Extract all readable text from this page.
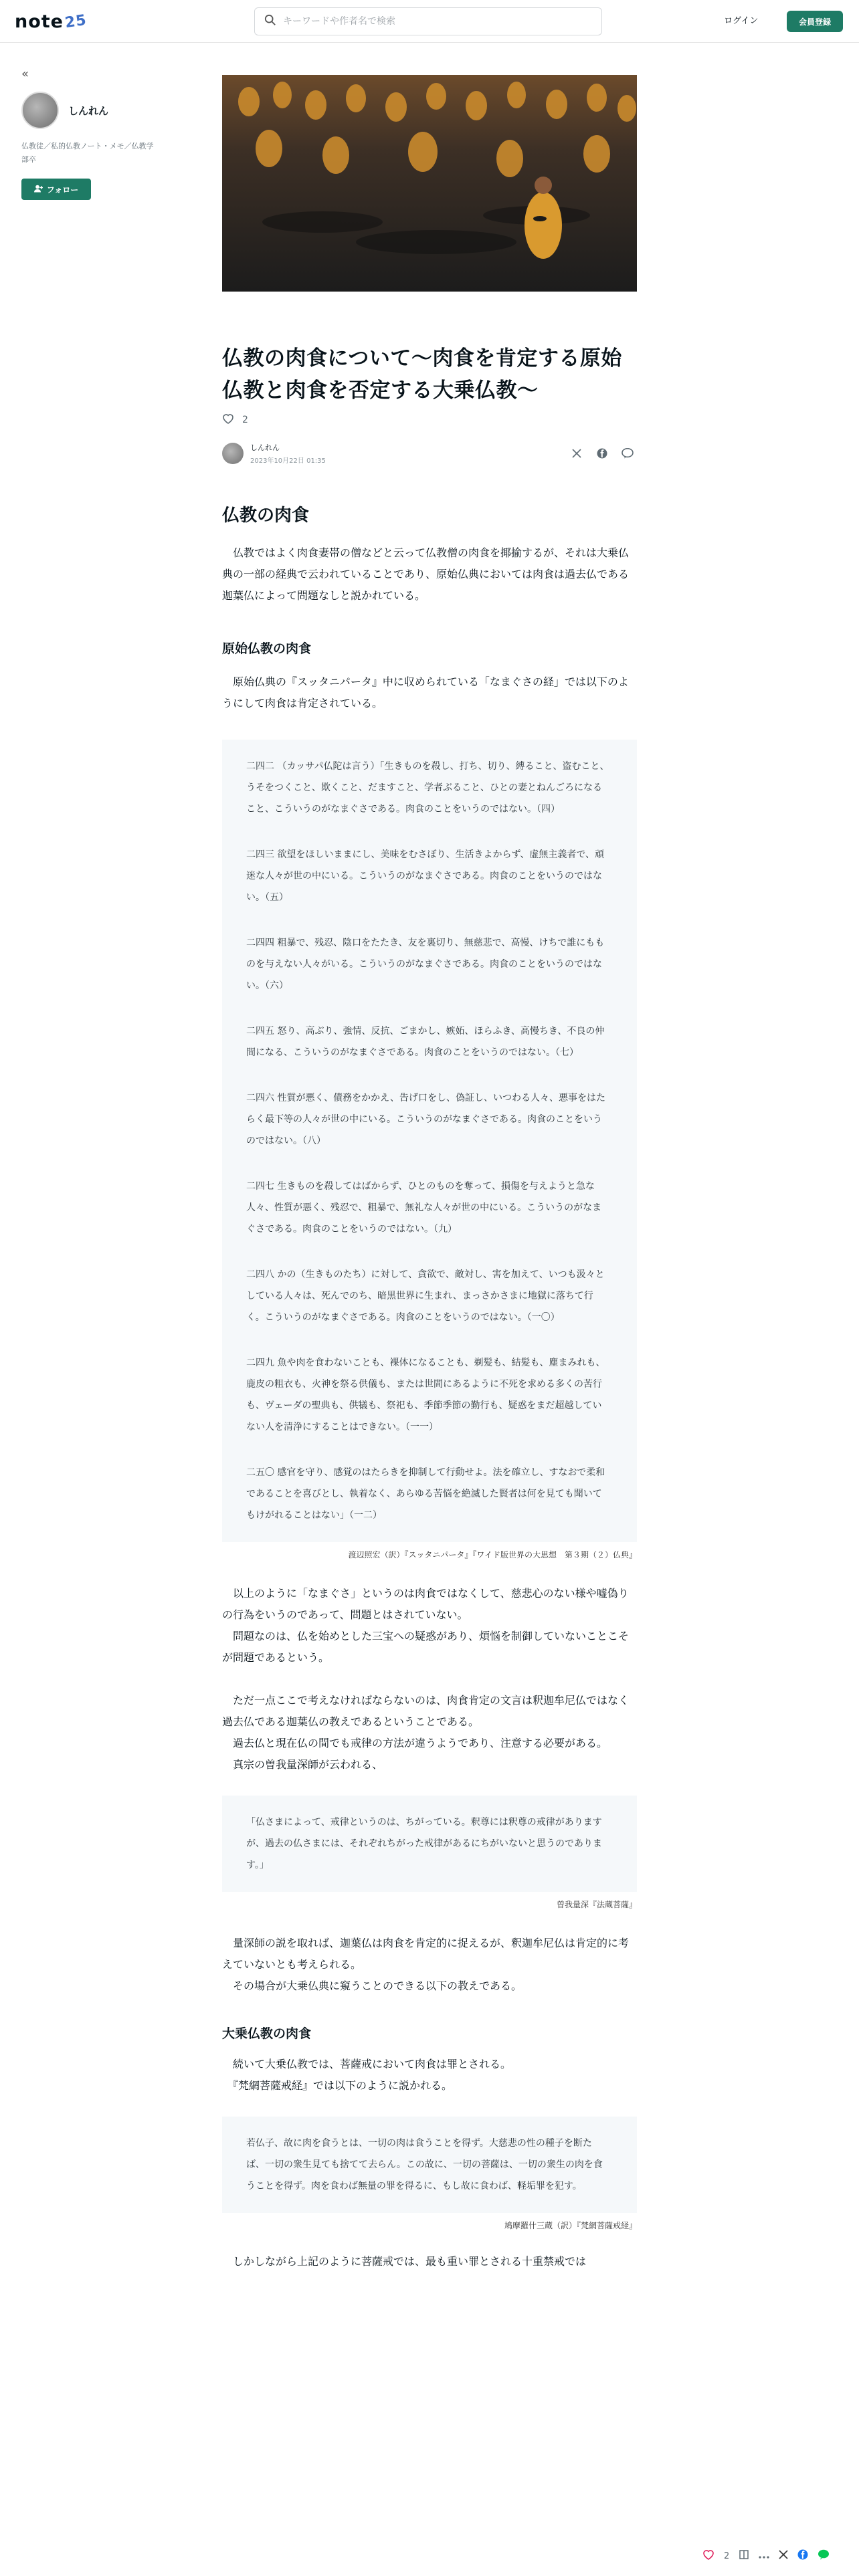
note 25
キーワードや作者名で検索	ログイン	会員登録
«
しんれん
仏教徒／私的仏教ノート・メモ／仏教学部卒
フォロー
仏教の肉食について〜肉食を肯定する原始仏教と肉食を否定する大乗仏教〜
2
しんれん
2023年10月22日 01:35
仏教の肉食

　仏教ではよく肉食妻帯の僧などと云って仏教僧の肉食を揶揄するが、それは大乗仏典の一部の経典で云われていることであり、原始仏典においては肉食は過去仏である迦葉仏によって問題なしと説かれている。

原始仏教の肉食

　原始仏典の『スッタニパータ』中に収められている「なまぐさの経」では以下のようにして肉食は肯定されている。

二四二 （カッサパ仏陀は言う）「生きものを殺し、打ち、切り、縛ること、盗むこと、うそをつくこと、欺くこと、だますこと、学者ぶること、ひとの妻とねんごろになること、こういうのがなまぐさである。肉食のことをいうのではない。（四）

二四三 欲望をほしいままにし、美味をむさぼり、生活きよからず、虚無主義者で、頑迷な人々が世の中にいる。こういうのがなまぐさである。肉食のことをいうのではない。（五）

二四四 粗暴で、残忍、陰口をたたき、友を裏切り、無慈悲で、高慢、けちで誰にもものを与えない人々がいる。こういうのがなまぐさである。肉食のことをいうのではない。（六）

二四五 怒り、高ぶり、強情、反抗、ごまかし、嫉妬、ほらふき、高慢ちき、不良の仲間になる、こういうのがなまぐさである。肉食のことをいうのではない。（七）

二四六 性質が悪く、債務をかかえ、告げ口をし、偽証し、いつわる人々、悪事をはたらく最下等の人々が世の中にいる。こういうのがなまぐさである。肉食のことをいうのではない。（八）

二四七 生きものを殺してはばからず、ひとのものを奪って、損傷を与えようと急な人々、性質が悪く、残忍で、粗暴で、無礼な人々が世の中にいる。こういうのがなまぐさである。肉食のことをいうのではない。（九）

二四八 かの（生きものたち）に対して、貪欲で、敵対し、害を加えて、いつも汲々としている人々は、死んでのち、暗黒世界に生まれ、まっさかさまに地獄に落ちて行く。こういうのがなまぐさである。肉食のことをいうのではない。（一〇）

二四九 魚や肉を食わないことも、裸体になることも、剃髪も、結髪も、塵まみれも、鹿皮の粗衣も、火神を祭る供儀も、または世間にあるように不死を求める多くの苦行も、ヴェーダの聖典も、供犠も、祭祀も、季節季節の勤行も、疑惑をまだ超越していない人を清浄にすることはできない。（一一）

二五〇 感官を守り、感覚のはたらきを抑制して行動せよ。法を確立し、すなおで柔和であることを喜びとし、執着なく、あらゆる苦悩を絶滅した賢者は何を見ても聞いてもけがれることはない」（一二）

渡辺照宏（訳）『スッタニパータ』『ワイド版世界の大思想　第３期（２）仏典』

　以上のように「なまぐさ」というのは肉食ではなくして、慈悲心のない様や嘘偽りの行為をいうのであって、問題とはされていない。

　問題なのは、仏を始めとした三宝への疑惑があり、煩悩を制御していないことこそが問題であるという。

　ただ一点ここで考えなければならないのは、肉食肯定の文言は釈迦牟尼仏ではなく過去仏である迦葉仏の教えであるということである。

　過去仏と現在仏の間でも戒律の方法が違うようであり、注意する必要がある。

　真宗の曽我量深師が云われる、

「仏さまによって、戒律というのは、ちがっている。釈尊には釈尊の戒律がありますが、過去の仏さまには、それぞれちがった戒律があるにちがいないと思うのであります。」

曽我量深『法蔵菩薩』

　量深師の説を取れば、迦葉仏は肉食を肯定的に捉えるが、釈迦牟尼仏は肯定的に考えていないとも考えられる。

　その場合が大乗仏典に窺うことのできる以下の教えである。

大乗仏教の肉食

　続いて大乗仏教では、菩薩戒において肉食は罪とされる。

　『梵網菩薩戒経』では以下のように説かれる。

若仏子、故に肉を食うとは、一切の肉は食うことを得ず。大慈悲の性の種子を断たば、一切の衆生見ても捨てて去らん。この故に、一切の菩薩は、一切の衆生の肉を食うことを得ず。肉を食わば無量の罪を得るに、もし故に食わば、軽垢罪を犯す。

鳩摩羅什三蔵（訳）『梵網菩薩戒経』

　しかしながら上記のように菩薩戒では、最も重い罪とされる十重禁戒では

2
